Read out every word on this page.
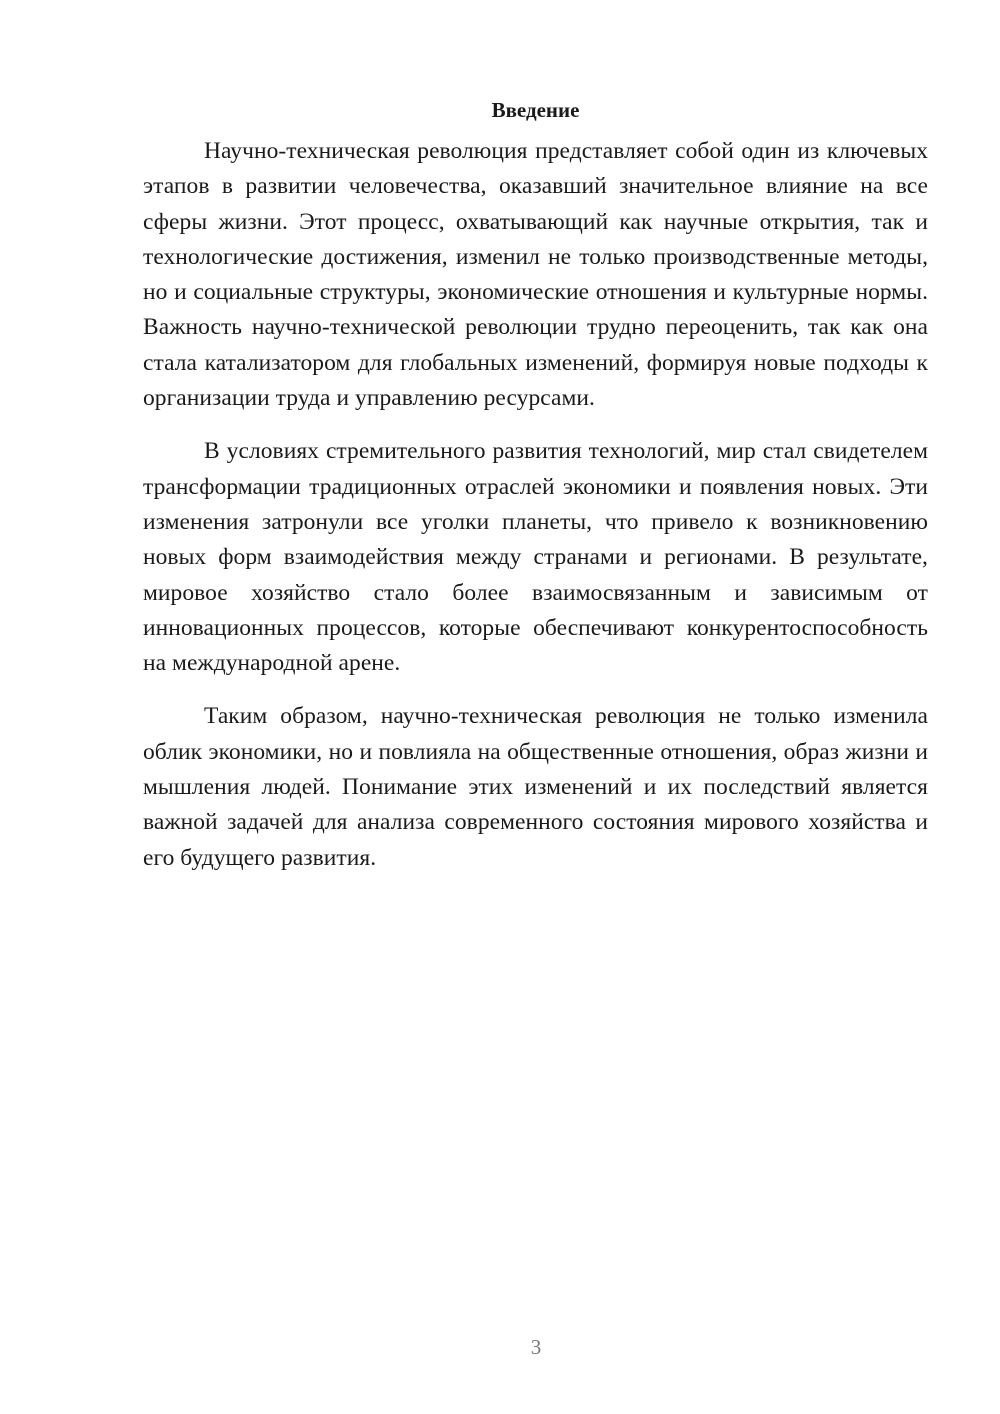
Введение

Научно-техническая революция представляет собой один из ключевых этапов в развитии человечества, оказавший значительное влияние на все сферы жизни. Этот процесс, охватывающий как научные открытия, так и технологические достижения, изменил не только производственные методы, но и социальные структуры, экономические отношения и культурные нормы. Важность научно-технической революции трудно переоценить, так как она стала катализатором для глобальных изменений, формируя новые подходы к организации труда и управлению ресурсами.

В условиях стремительного развития технологий, мир стал свидетелем трансформации традиционных отраслей экономики и появления новых. Эти изменения затронули все уголки планеты, что привело к возникновению новых форм взаимодействия между странами и регионами. В результате, мировое хозяйство стало более взаимосвязанным и зависимым от инновационных процессов, которые обеспечивают конкурентоспособность на международной арене.

Таким образом, научно-техническая революция не только изменила облик экономики, но и повлияла на общественные отношения, образ жизни и мышления людей. Понимание этих изменений и их последствий является важной задачей для анализа современного состояния мирового хозяйства и его будущего развития.

3
